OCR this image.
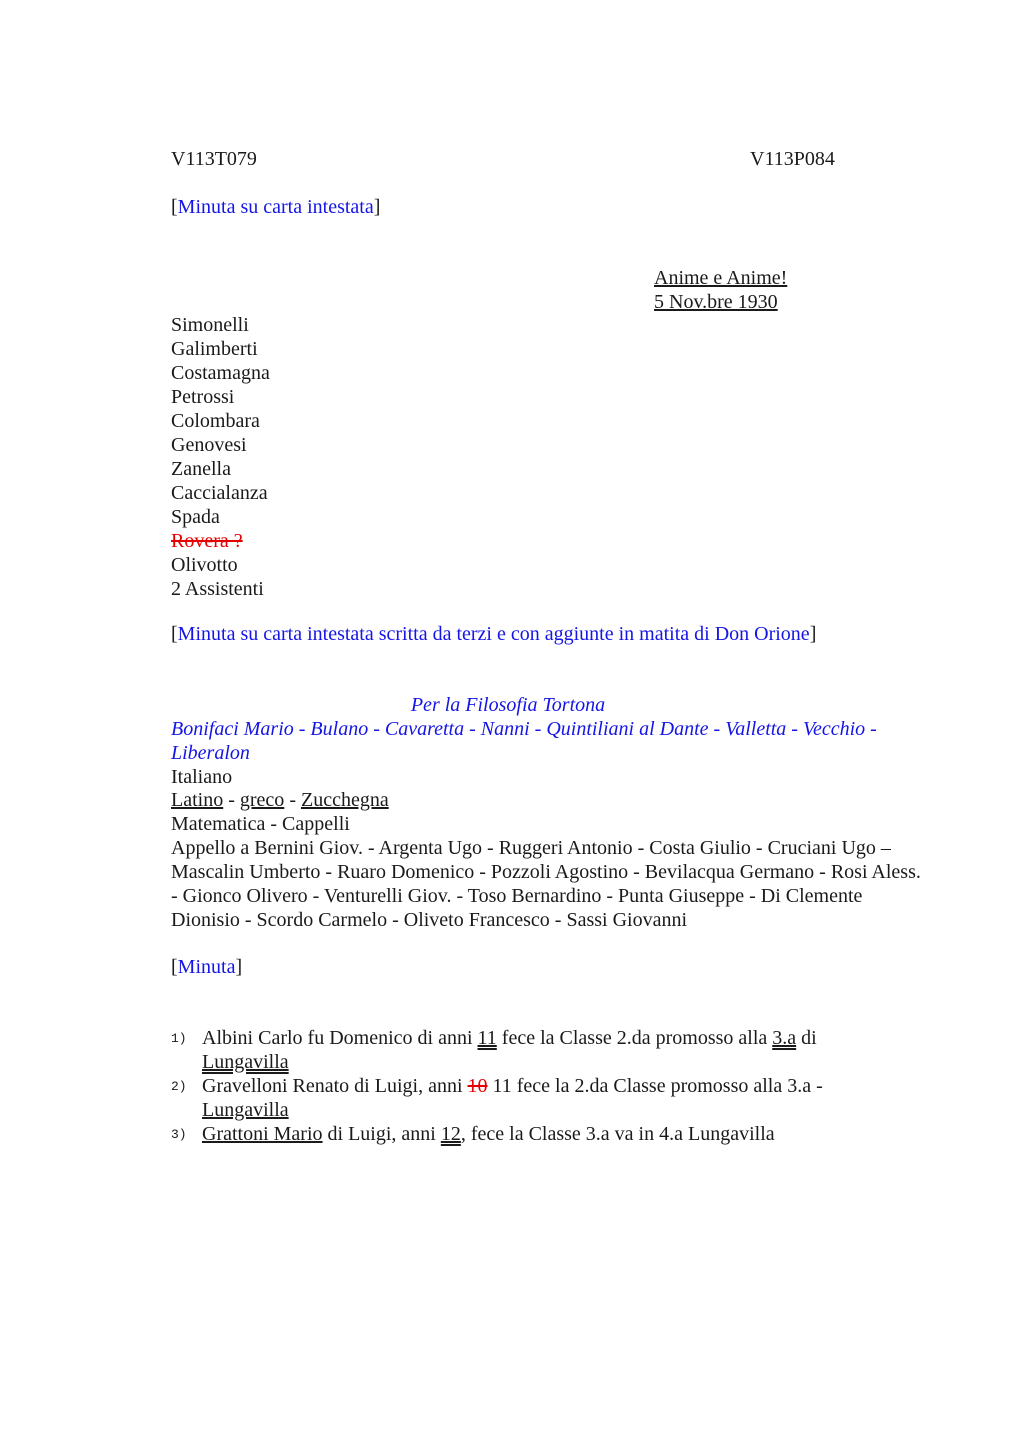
V113T079	V113P084
[Minuta su carta intestata]
Anime e Anime!
5 Nov.bre 1930
Simonelli
Galimberti
Costamagna
Petrossi
Colombara
Genovesi
Zanella
Caccialanza
Spada
Rovera ?
Olivotto
2 Assistenti
[Minuta su carta intestata scritta da terzi e con aggiunte in matita di Don Orione]
Per la Filosofia Tortona
Bonifaci Mario - Bulano - Cavaretta - Nanni - Quintiliani al Dante - Valletta - Vecchio - Liberalon
Italiano
Latino - greco - Zucchegna
Matematica - Cappelli
Appello a Bernini Giov. - Argenta Ugo - Ruggeri Antonio - Costa Giulio - Cruciani Ugo – Mascalin Umberto - Ruaro Domenico - Pozzoli Agostino - Bevilacqua Germano - Rosi Aless. - Gionco Olivero - Venturelli Giov. - Toso Bernardino - Punta Giuseppe - Di Clemente Dionisio - Scordo Carmelo - Oliveto Francesco - Sassi Giovanni
[Minuta]
1) Albini Carlo fu Domenico di anni 11 fece la Classe 2.da promosso alla 3.a di
Lungavilla
2) Gravelloni Renato di Luigi, anni 10 11 fece la 2.da Classe promosso alla 3.a -
Lungavilla
3) Grattoni Mario di Luigi, anni 12, fece la Classe 3.a va in 4.a Lungavilla
